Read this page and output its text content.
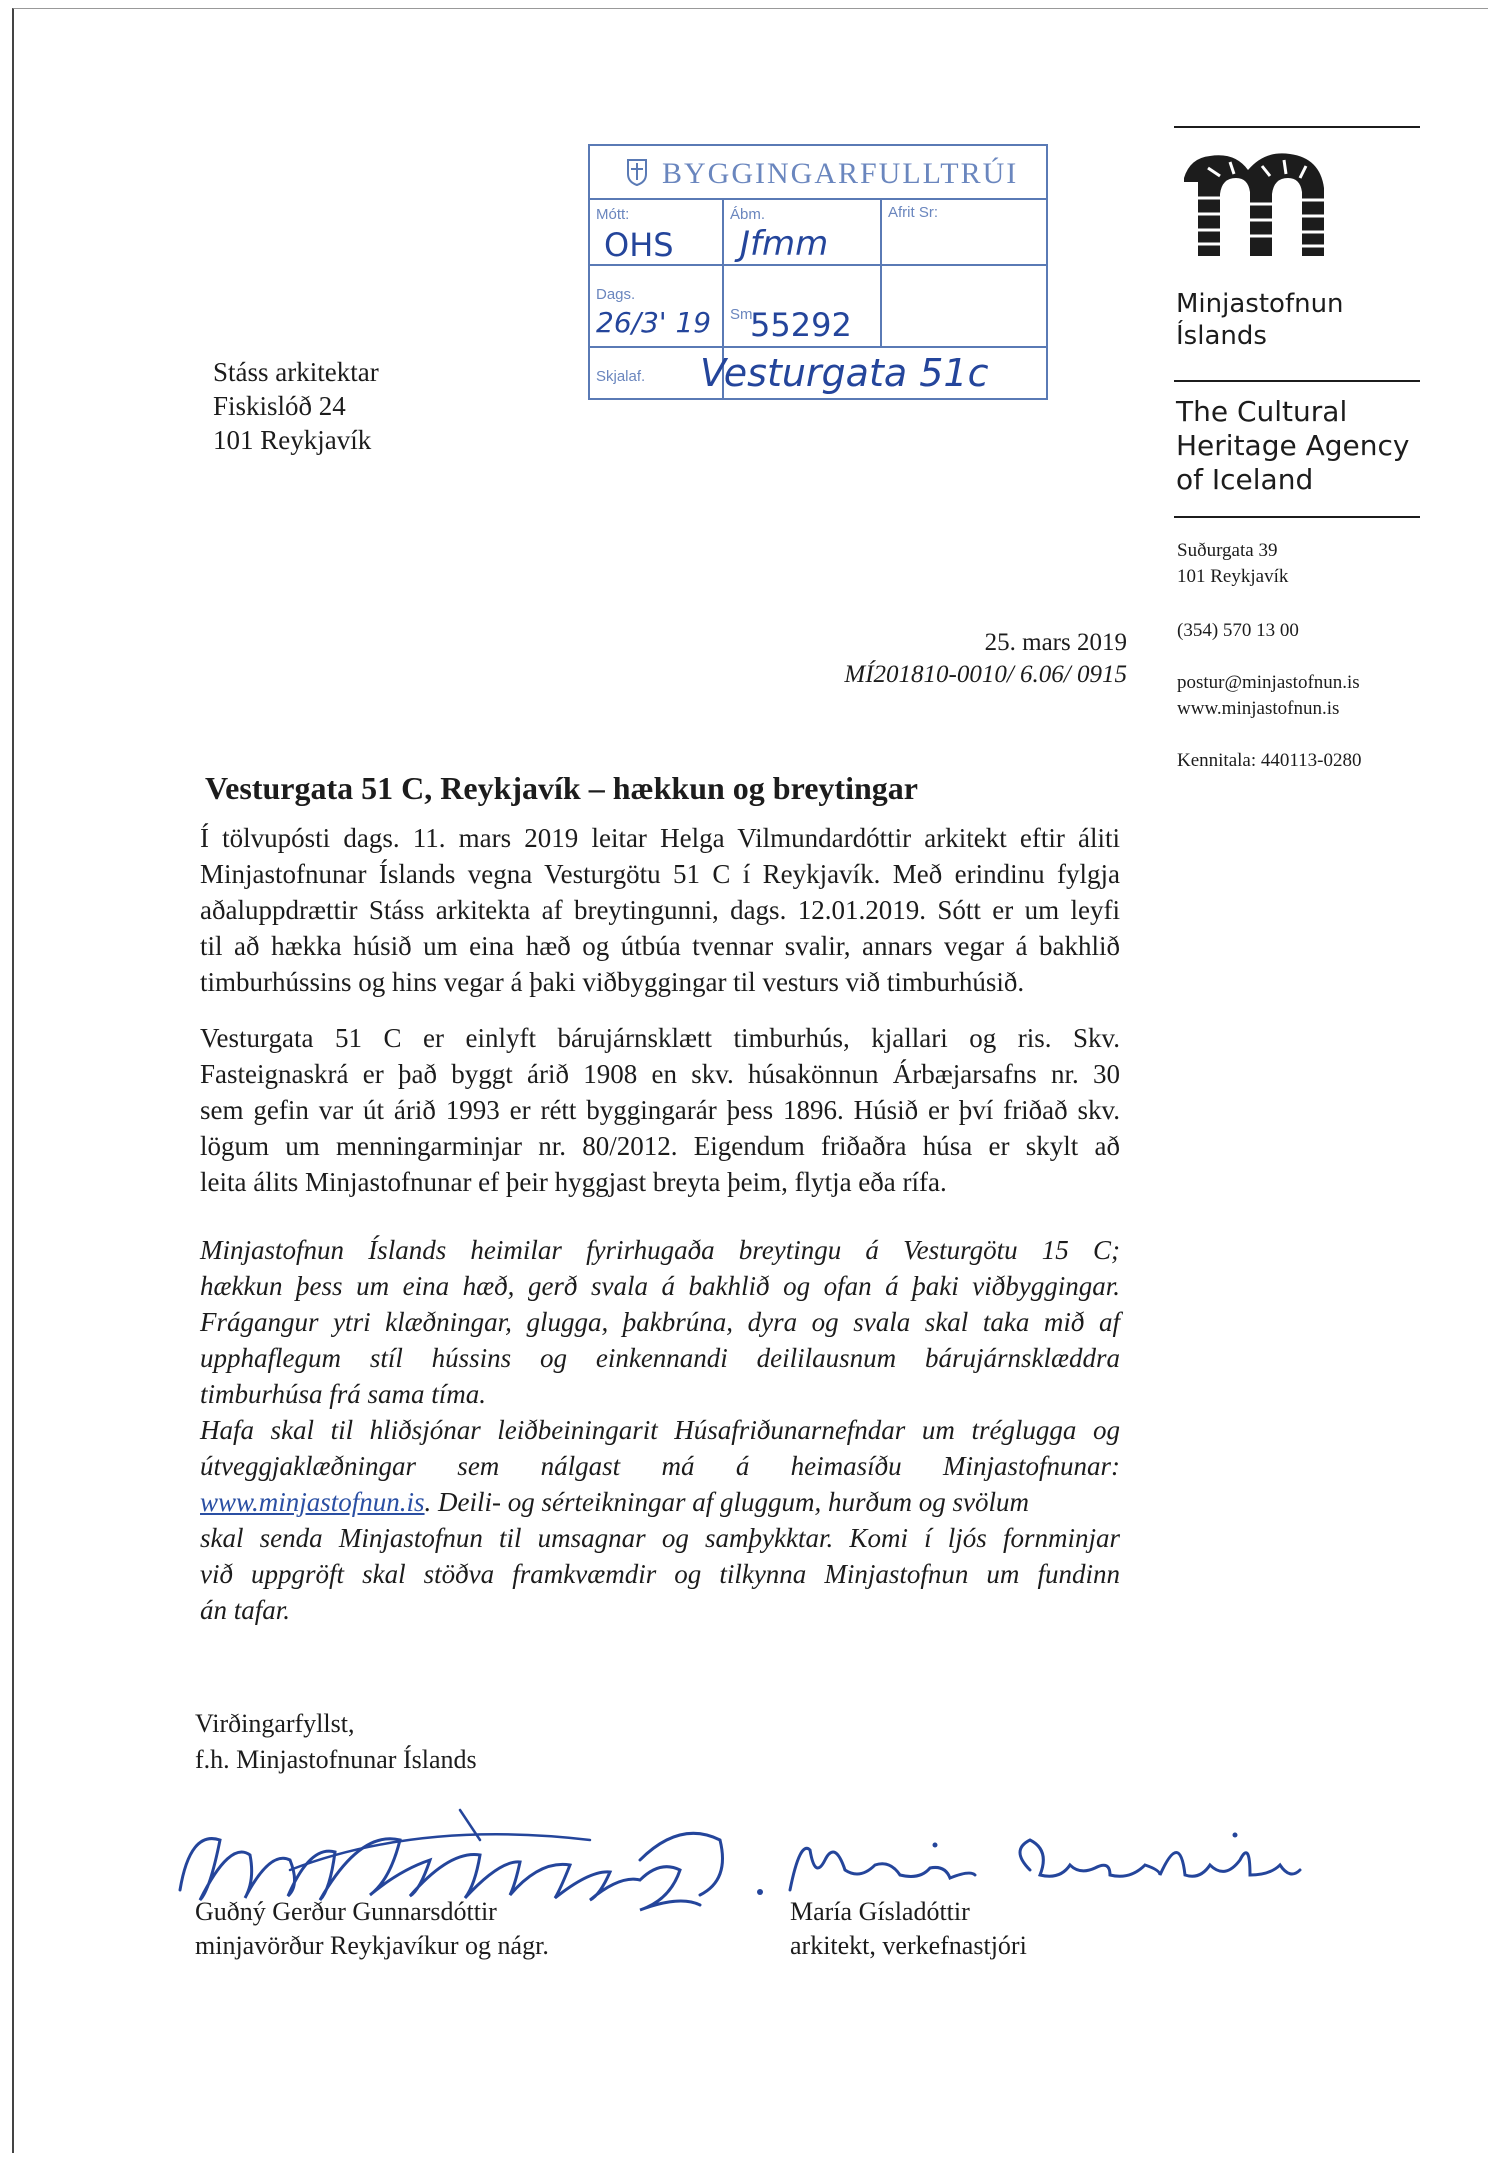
Stáss arkitektar
Fiskislóð 24
101 Reykjavík
BYGGINGARFULLTRÚI
Mótt:	Ábm.	Afrit Sr:
Dags.
Sm
Skjalaf.
OHS Jfmm
26/3' 19 55292
Vesturgata 51c
Minjastofnun
Íslands
The Cultural
Heritage Agency
of Iceland
Suðurgata 39
101 Reykjavík
(354) 570 13 00
postur@minjastofnun.is
www.minjastofnun.is
Kennitala: 440113-0280
25. mars 2019
MÍ201810-0010/ 6.06/ 0915
Vesturgata 51 C, Reykjavík – hækkun og breytingar
Í tölvupósti dags. 11. mars 2019 leitar Helga Vilmundardóttir arkitekt eftir áliti
Minjastofnunar Íslands vegna Vesturgötu 51 C í Reykjavík. Með erindinu fylgja
aðaluppdrættir Stáss arkitekta af breytingunni, dags. 12.01.2019. Sótt er um leyfi
til að hækka húsið um eina hæð og útbúa tvennar svalir, annars vegar á bakhlið
timburhússins og hins vegar á þaki viðbyggingar til vesturs við timburhúsið.
Vesturgata 51 C er einlyft bárujárnsklætt timburhús, kjallari og ris. Skv.
Fasteignaskrá er það byggt árið 1908 en skv. húsakönnun Árbæjarsafns nr. 30
sem gefin var út árið 1993 er rétt byggingarár þess 1896. Húsið er því friðað skv.
lögum um menningarminjar nr. 80/2012. Eigendum friðaðra húsa er skylt að
leita álits Minjastofnunar ef þeir hyggjast breyta þeim, flytja eða rífa.
Minjastofnun Íslands heimilar fyrirhugaða breytingu á Vesturgötu 15 C;
hækkun þess um eina hæð, gerð svala á bakhlið og ofan á þaki viðbyggingar.
Frágangur ytri klæðningar, glugga, þakbrúna, dyra og svala skal taka mið af
upphaflegum stíl hússins og einkennandi deililausnum bárujárnsklæddra
timburhúsa frá sama tíma.
Hafa skal til hliðsjónar leiðbeiningarit Húsafriðunarnefndar um tréglugga og
útveggjaklæðningar sem nálgast má á heimasíðu Minjastofnunar:
www.minjastofnun.is. Deili- og sérteikningar af gluggum, hurðum og svölum
skal senda Minjastofnun til umsagnar og samþykktar. Komi í ljós fornminjar
við uppgröft skal stöðva framkvæmdir og tilkynna Minjastofnun um fundinn
án tafar.
Virðingarfyllst,
f.h. Minjastofnunar Íslands
Guðný Gerður Gunnarsdóttir
minjavörður Reykjavíkur og nágr.
María Gísladóttir
arkitekt, verkefnastjóri
